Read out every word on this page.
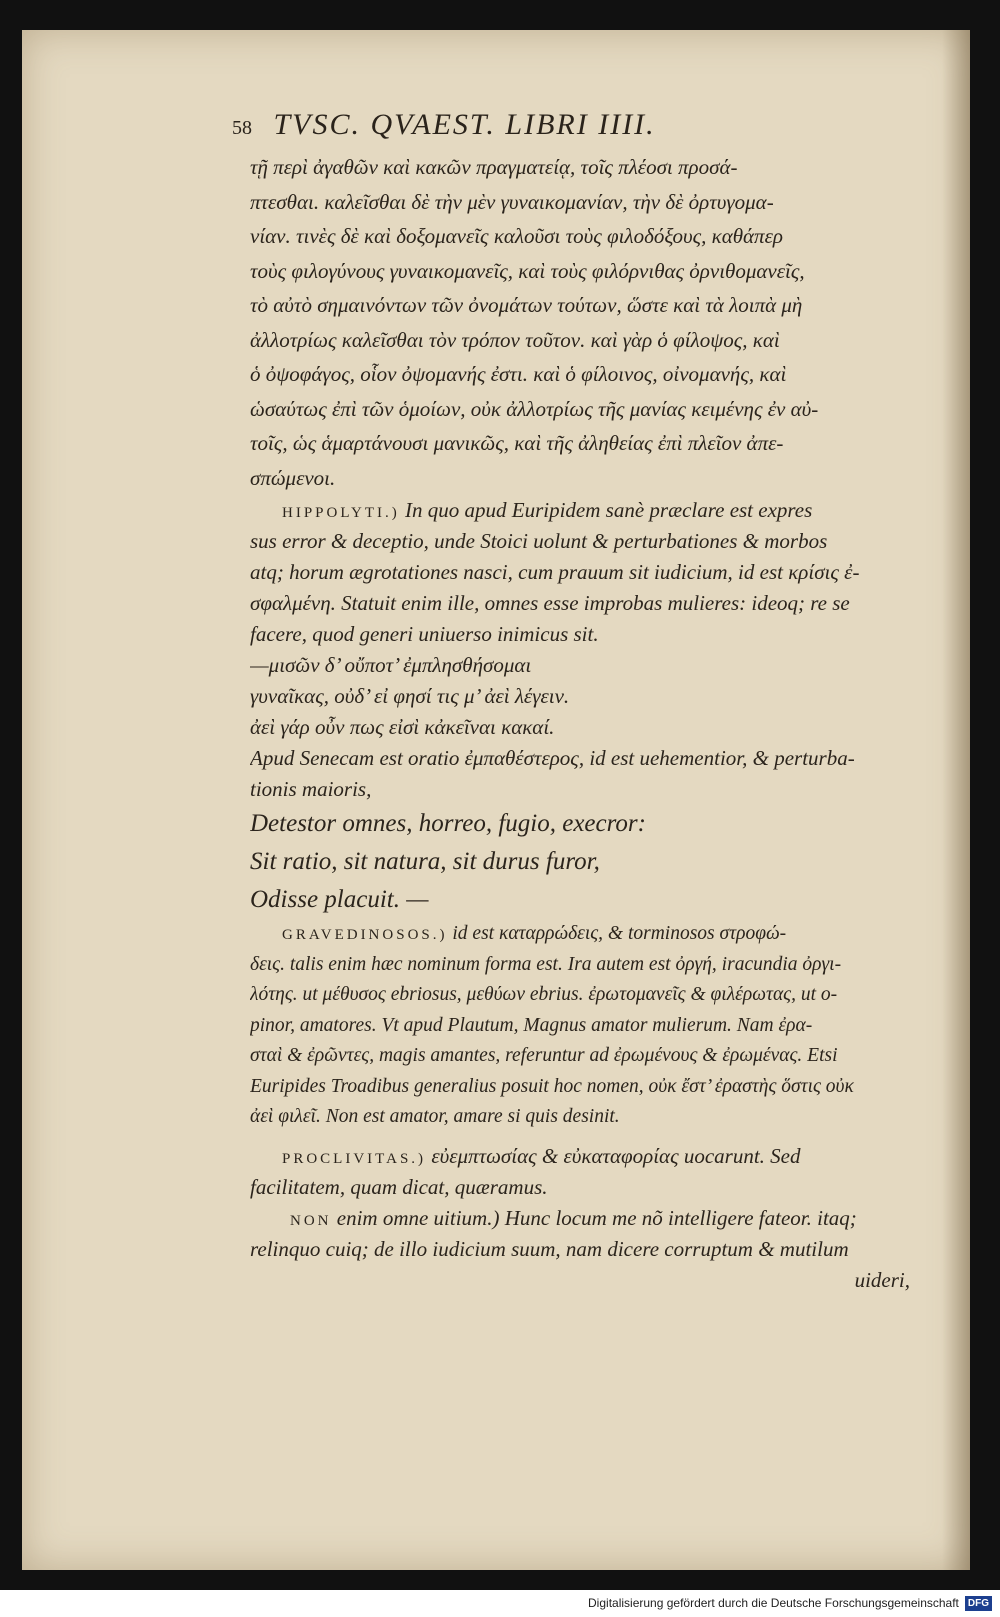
58 TVSC. QVAEST. LIBRI IIII.
τῇ περὶ ἀγαθῶν καὶ κακῶν πραγματείᾳ, τοῖς πλέοσι προσά-
πτεσθαι. καλεῖσθαι δὲ τὴν μὲν γυναικομανίαν, τὴν δὲ ὀρτυγομα-
νίαν. τινὲς δὲ καὶ δοξομανεῖς καλοῦσι τοὺς φιλοδόξους, καθάπερ
τοὺς φιλογύνους γυναικομανεῖς, καὶ τοὺς φιλόρνιθας ὀρνιθομανεῖς,
τὸ αὐτὸ σημαινόντων τῶν ὀνομάτων τούτων, ὥστε καὶ τὰ λοιπὰ μὴ
ἀλλοτρίως καλεῖσθαι τὸν τρόπον τοῦτον. καὶ γὰρ ὁ φίλοψος, καὶ
ὁ ὀψοφάγος, οἷον ὀψομανής ἐστι. καὶ ὁ φίλοινος, οἰνομανής, καὶ
ὡσαύτως ἐπὶ τῶν ὁμοίων, οὐκ ἀλλοτρίως τῆς μανίας κειμένης ἐν αὐ-
τοῖς, ὡς ἁμαρτάνουσι μανικῶς, καὶ τῆς ἀληθείας ἐπὶ πλεῖον ἀπε-
σπώμενοι.
HIPPOLYTI.) In quo apud Euripidem sanè præclare est expres
sus error & deceptio, unde Stoici uolunt & perturbationes & morbos
atq; horum ægrotationes nasci, cum prauum sit iudicium, id est κρίσις ἐ-
σφαλμένη. Statuit enim ille, omnes esse improbas mulieres: ideoq; re se
facere, quod generi uniuerso inimicus sit.
—μισῶν δ’ οὔποτ’ ἐμπλησθήσομαι
γυναῖκας, οὐδ’ εἰ φησί τις μ’ ἀεὶ λέγειν.
ἀεὶ γάρ οὖν πως εἰσὶ κἀκεῖναι κακαί.
Apud Senecam est oratio ἐμπαθέστερος, id est uehementior, & perturba-
tionis maioris,
Detestor omnes, horreo, fugio, execror:
Sit ratio, sit natura, sit durus furor,
Odisse placuit. —
GRAVEDINOSOS.) id est καταρρώδεις, & torminosos στροφώ-
δεις. talis enim hæc nominum forma est. Ira autem est ὀργή, iracundia ὀργι-
λότης. ut μέθυσος ebriosus, μεθύων ebrius. ἐρωτομανεῖς & φιλέρωτας, ut o-
pinor, amatores. Vt apud Plautum, Magnus amator mulierum. Nam ἐρα-
σταὶ & ἐρῶντες, magis amantes, referuntur ad ἐρωμένους & ἐρωμένας. Etsi
Euripides Troadibus generalius posuit hoc nomen, οὐκ ἔστ’ ἐραστὴς ὅστις οὐκ
ἀεὶ φιλεῖ. Non est amator, amare si quis desinit.
PROCLIVITAS.) εὐεμπτωσίας & εὐκαταφορίας uocarunt. Sed
facilitatem, quam dicat, quæramus.
NON enim omne uitium.) Hunc locum me nõ intelligere fateor. itaq;
relinquo cuiq; de illo iudicium suum, nam dicere corruptum & mutilum
uideri,
Digitalisierung gefördert durch die Deutsche Forschungsgemeinschaft DFG
